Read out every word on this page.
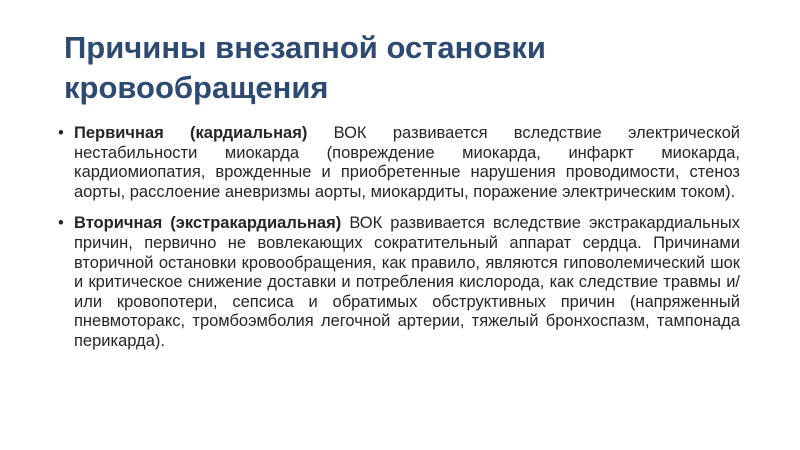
Причины внезапной остановки кровообращения

• Первичная (кардиальная) ВОК развивается вследствие электрической нестабильности миокарда (повреждение миокарда, инфаркт миокарда, кардиомиопатия, врожденные и приобретенные нарушения проводимости, стеноз аорты, расслоение аневризмы аорты, миокардиты, поражение электрическим током).

• Вторичная (экстракардиальная) ВОК развивается вследствие экстракардиальных причин, первично не вовлекающих сократительный аппарат сердца. Причинами вторичной остановки кровообращения, как правило, являются гиповолемический шок и критическое снижение доставки и потребления кислорода, как следствие травмы и/или кровопотери, сепсиса и обратимых обструктивных причин (напряженный пневмоторакс, тромбоэмболия легочной артерии, тяжелый бронхоспазм, тампонада перикарда).
